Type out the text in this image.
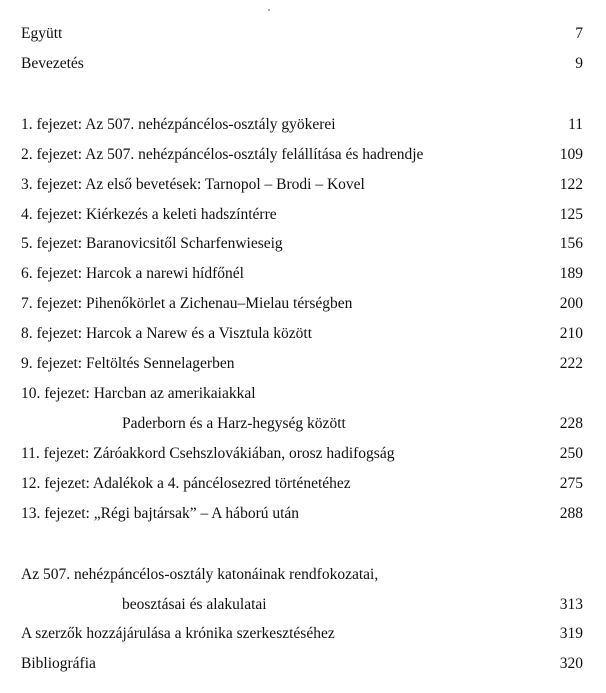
Együtt	7
Bevezetés	9
1. fejezet: Az 507. nehézpáncélos-osztály gyökerei	11
2. fejezet: Az 507. nehézpáncélos-osztály felállítása és hadrendje	109
3. fejezet: Az első bevetések: Tarnopol – Brodi – Kovel	122
4. fejezet: Kiérkezés a keleti hadszíntérre	125
5. fejezet: Baranovicsitől Scharfenwieseig	156
6. fejezet: Harcok a narewi hídfőnél	189
7. fejezet: Pihenőkörlet a Zichenau–Mielau térségben	200
8. fejezet: Harcok a Narew és a Visztula között	210
9. fejezet: Feltöltés Sennelagerben	222
10. fejezet: Harcban az amerikaiakkal
Paderborn és a Harz-hegység között	228
11. fejezet: Záróakkord Csehszlovákiában, orosz hadifogság	250
12. fejezet: Adalékok a 4. páncélosezred történetéhez	275
13. fejezet: „Régi bajtársak” – A háború után	288
Az 507. nehézpáncélos-osztály katonáinak rendfokozatai,
beosztásai és alakulatai	313
A szerzők hozzájárulása a krónika szerkesztéséhez	319
Bibliográfia	320
